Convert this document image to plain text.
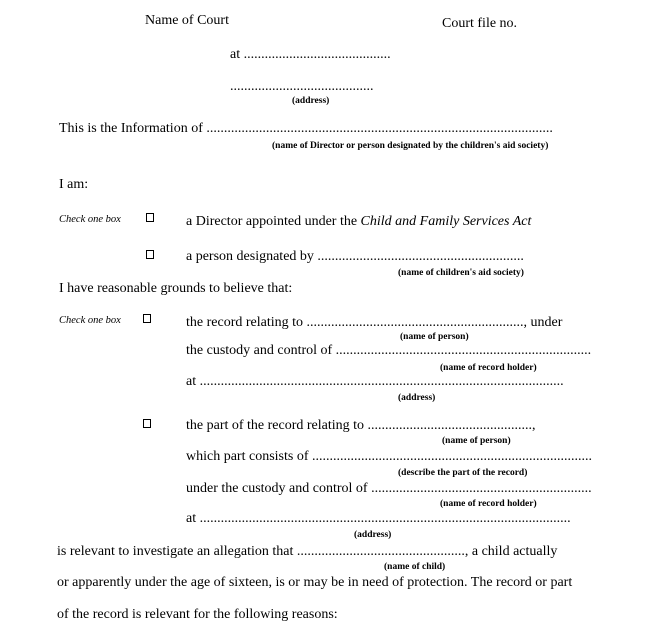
Name of Court	Court file no.
at ..........................................
.........................................
(address)
This is the Information of ...................................................................................................
(name of Director or person designated by the children's aid society)
I am:
Check one box	a Director appointed under the Child and Family Services Act
a person designated by ...........................................................
(name of children's aid society)
I have reasonable grounds to believe that:
Check one box	the record relating to .............................................................., under
(name of person)
the custody and control of .........................................................................
(name of record holder)
at ........................................................................................................
(address)
the part of the record relating to ...............................................,
(name of person)
which part consists of ................................................................................
(describe the part of the record)
under the custody and control of ...............................................................
(name of record holder)
at ..........................................................................................................
(address)
is relevant to investigate an allegation that ................................................, a child actually
(name of child)
or apparently under the age of sixteen, is or may be in need of protection. The record or part
of the record is relevant for the following reasons:
